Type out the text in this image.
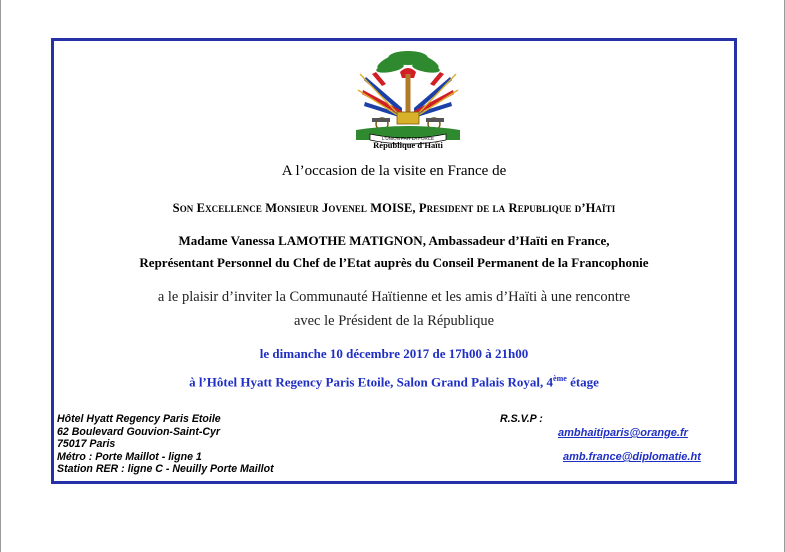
L'UNION FAIT LA FORCE
République d'Haïti
A l’occasion de la visite en France de
Son Excellence Monsieur Jovenel MOISE, President de la Republique d’Haïti
Madame Vanessa LAMOTHE MATIGNON, Ambassadeur d’Haïti en France,
Représentant Personnel du Chef de l’Etat auprès du Conseil Permanent de la Francophonie
a le plaisir d’inviter la Communauté Haïtienne et les amis d’Haïti à une rencontre
avec le Président de la République
le dimanche 10 décembre 2017 de 17h00 à 21h00
à l’Hôtel Hyatt Regency Paris Etoile, Salon Grand Palais Royal, 4ème étage
Hôtel Hyatt Regency Paris Etoile
62 Boulevard Gouvion-Saint-Cyr
75017 Paris
Métro : Porte Maillot - ligne 1
Station RER : ligne C - Neuilly Porte Maillot
R.S.V.P :
ambhaitiparis@orange.fr
amb.france@diplomatie.ht
